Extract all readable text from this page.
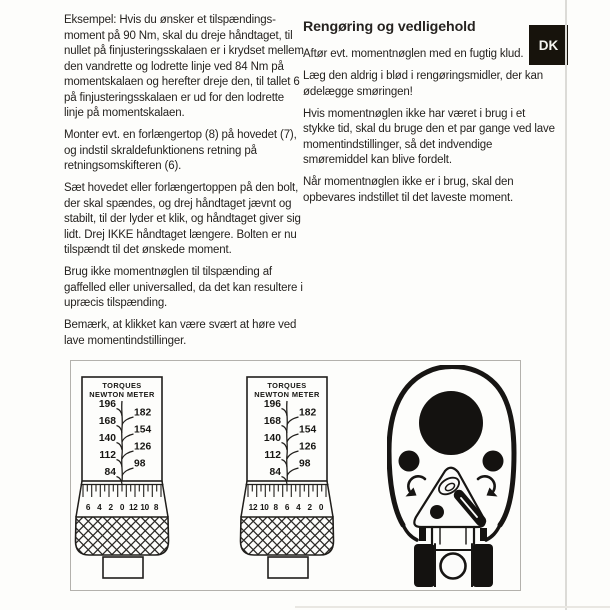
Eksempel: Hvis du ønsker et tilspændings-moment på 90 Nm, skal du dreje håndtaget, til nullet på finjusteringsskalaen er i krydset mellem den vandrette og lodrette linje ved 84 Nm på momentskalaen og herefter dreje den, til tallet 6 på finjusteringsskalaen er ud for den lodrette linje på momentskalaen.

Monter evt. en forlængertop (8) på hovedet (7), og indstil skraldefunktionens retning på retningsomskifteren (6).

Sæt hovedet eller forlængertoppen på den bolt, der skal spændes, og drej håndtaget jævnt og stabilt, til der lyder et klik, og håndtaget giver sig lidt. Drej IKKE håndtaget længere. Bolten er nu tilspændt til det ønskede moment.

Brug ikke momentnøglen til tilspænding af gaffelled eller universalled, da det kan resultere i upræcis tilspænding.

Bemærk, at klikket kan være svært at høre ved lave momentindstillinger.

Rengøring og vedligehold

Aftør evt. momentnøglen med en fugtig klud.

Læg den aldrig i blød i rengøringsmidler, der kan ødelægge smøringen!

Hvis momentnøglen ikke har været i brug i et stykke tid, skal du bruge den et par gange ved lave momentindstillinger, så det indvendige smøremiddel kan blive fordelt.

Når momentnøglen ikke er i brug, skal den opbevares indstillet til det laveste moment.

DK
TORQUES
NEWTON METER
196
168
140
112
84
182
154
126
98
6 4 2 0 12 10 8
TORQUES
NEWTON METER
196
168
140
112
84
182
154
126
98
12 10 8 6 4 2 0
